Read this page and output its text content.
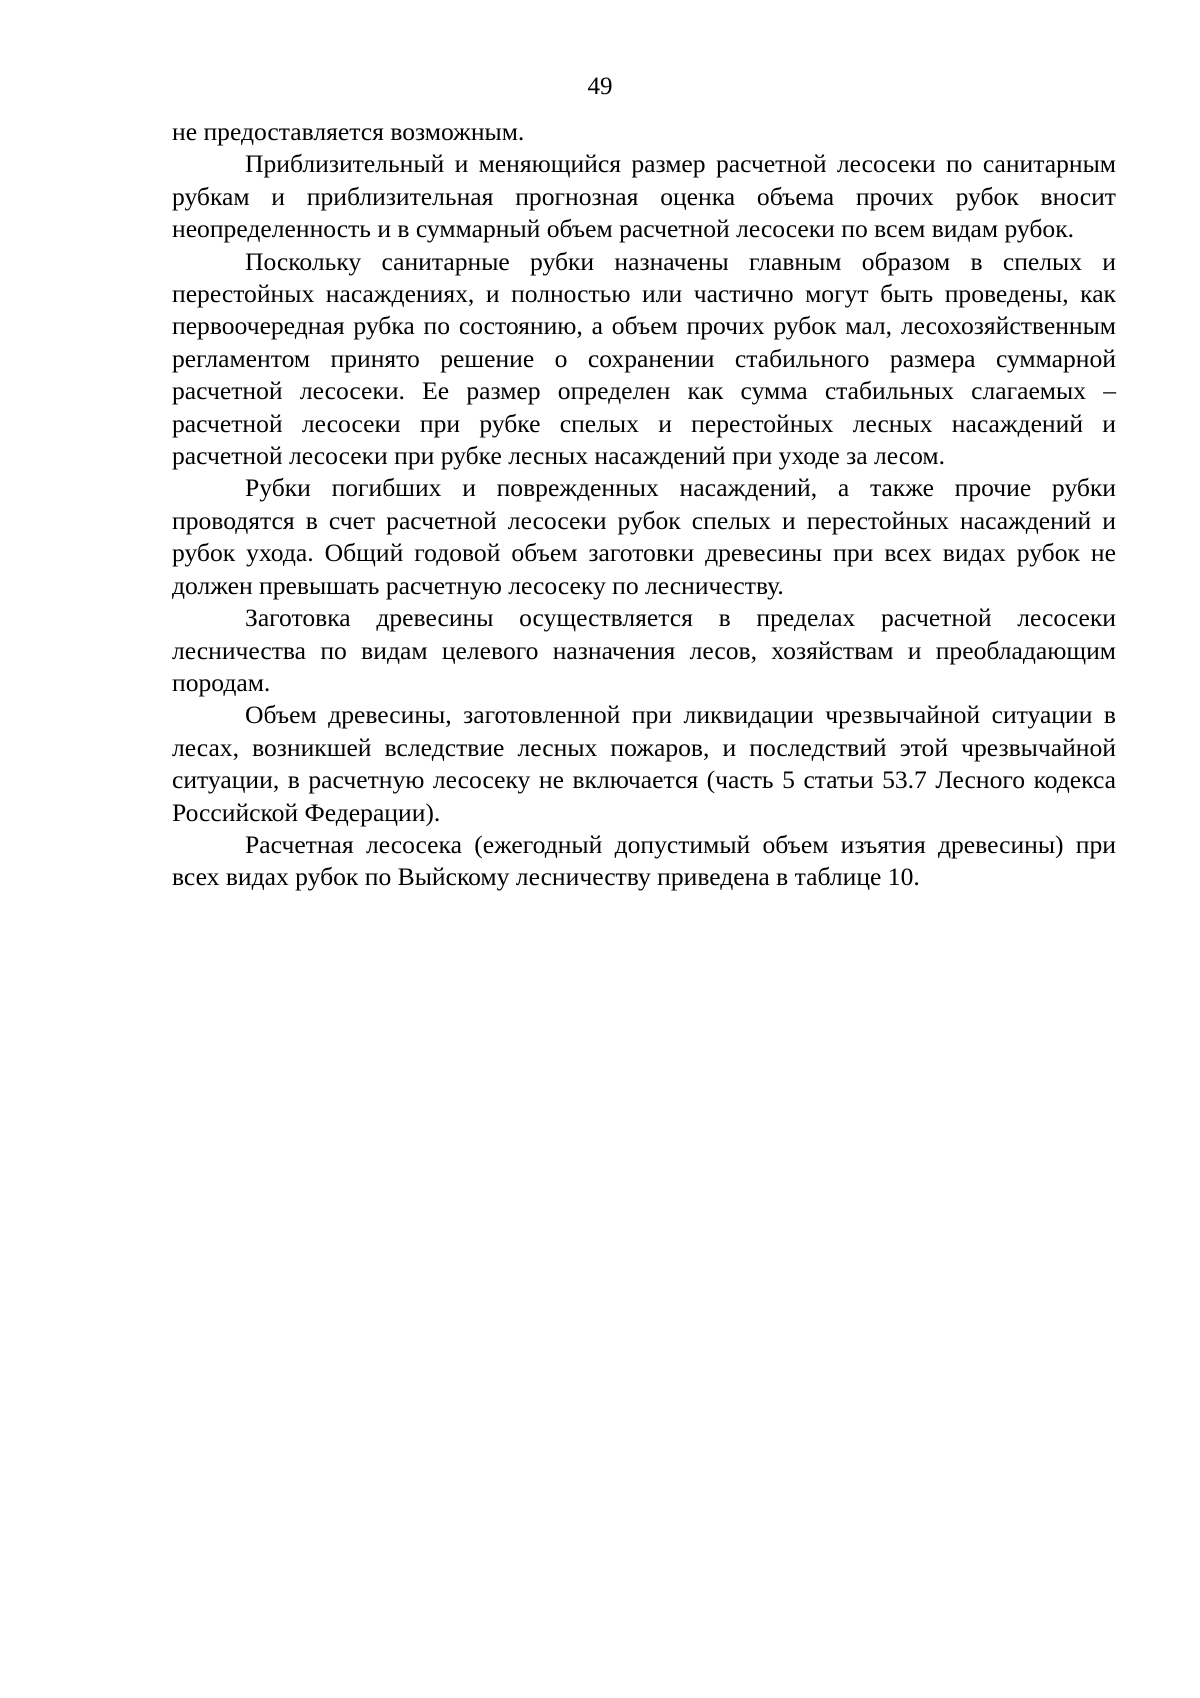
49

не предоставляется возможным.

Приблизительный и меняющийся размер расчетной лесосеки по санитарным рубкам и приблизительная прогнозная оценка объема прочих рубок вносит неопределенность и в суммарный объем расчетной лесосеки по всем видам рубок.

Поскольку санитарные рубки назначены главным образом в спелых и перестойных насаждениях, и полностью или частично могут быть проведены, как первоочередная рубка по состоянию, а объем прочих рубок мал, лесохозяйственным регламентом принято решение о сохранении стабильного размера суммарной расчетной лесосеки. Ее размер определен как сумма стабильных слагаемых – расчетной лесосеки при рубке спелых и перестойных лесных насаждений и расчетной лесосеки при рубке лесных насаждений при уходе за лесом.

Рубки погибших и поврежденных насаждений, а также прочие рубки проводятся в счет расчетной лесосеки рубок спелых и перестойных насаждений и рубок ухода. Общий годовой объем заготовки древесины при всех видах рубок не должен превышать расчетную лесосеку по лесничеству.

Заготовка древесины осуществляется в пределах расчетной лесосеки лесничества по видам целевого назначения лесов, хозяйствам и преобладающим породам.

Объем древесины, заготовленной при ликвидации чрезвычайной ситуации в лесах, возникшей вследствие лесных пожаров, и последствий этой чрезвычайной ситуации, в расчетную лесосеку не включается (часть 5 статьи 53.7 Лесного кодекса Российской Федерации).

Расчетная лесосека (ежегодный допустимый объем изъятия древесины) при всех видах рубок по Выйскому лесничеству приведена в таблице 10.
